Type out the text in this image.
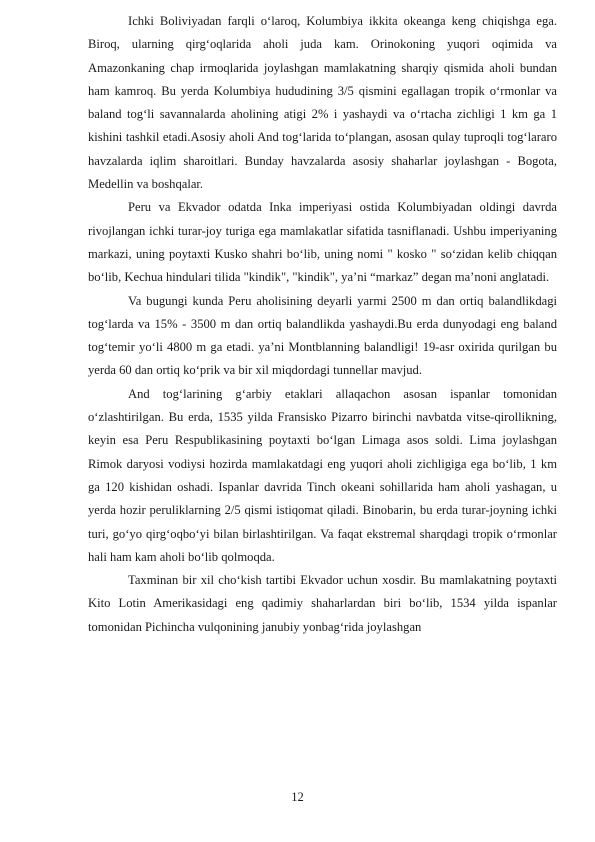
Ichki Boliviyadan farqli o‘laroq, Kolumbiya ikkita okeanga keng chiqishga ega. Biroq, ularning qirg‘oqlarida aholi juda kam. Orinokoning yuqori oqimida va Amazonkaning chap irmoqlarida joylashgan mamlakatning sharqiy qismida aholi bundan ham kamroq. Bu yerda Kolumbiya hududining 3/5 qismini egallagan tropik o‘rmonlar va baland tog‘li savannalarda aholining atigi 2% i yashaydi va o‘rtacha zichligi 1 km ga 1 kishini tashkil etadi.Asosiy aholi And tog‘larida to‘plangan, asosan qulay tuproqli tog‘lararo havzalarda iqlim sharoitlari. Bunday havzalarda asosiy shaharlar joylashgan - Bogota, Medellin va boshqalar.

Peru va Ekvador odatda Inka imperiyasi ostida Kolumbiyadan oldingi davrda rivojlangan ichki turar-joy turiga ega mamlakatlar sifatida tasniflanadi. Ushbu imperiyaning markazi, uning poytaxti Kusko shahri bo‘lib, uning nomi " kosko " so‘zidan kelib chiqqan bo‘lib, Kechua hindulari tilida "kindik", "kindik", ya’ni “markaz” degan ma’noni anglatadi.

Va bugungi kunda Peru aholisining deyarli yarmi 2500 m dan ortiq balandlikdagi tog‘larda va 15% - 3500 m dan ortiq balandlikda yashaydi.Bu erda dunyodagi eng baland tog‘temir yo‘li 4800 m ga etadi. ya’ni Montblanning balandligi! 19-asr oxirida qurilgan bu yerda 60 dan ortiq ko‘prik va bir xil miqdordagi tunnellar mavjud.

And tog‘larining g‘arbiy etaklari allaqachon asosan ispanlar tomonidan o‘zlashtirilgan. Bu erda, 1535 yilda Fransisko Pizarro birinchi navbatda vitse-qirollikning, keyin esa Peru Respublikasining poytaxti bo‘lgan Limaga asos soldi. Lima joylashgan Rimok daryosi vodiysi hozirda mamlakatdagi eng yuqori aholi zichligiga ega bo‘lib, 1 km ga 120 kishidan oshadi. Ispanlar davrida Tinch okeani sohillarida ham aholi yashagan, u yerda hozir peruliklarning 2/5 qismi istiqomat qiladi. Binobarin, bu erda turar-joyning ichki turi, go‘yo qirg‘oqbo‘yi bilan birlashtirilgan. Va faqat ekstremal sharqdagi tropik o‘rmonlar hali ham kam aholi bo‘lib qolmoqda.

Taxminan bir xil cho‘kish tartibi Ekvador uchun xosdir. Bu mamlakatning poytaxti Kito Lotin Amerikasidagi eng qadimiy shaharlardan biri bo‘lib, 1534 yilda ispanlar tomonidan Pichincha vulqonining janubiy yonbag‘rida joylashgan

12
